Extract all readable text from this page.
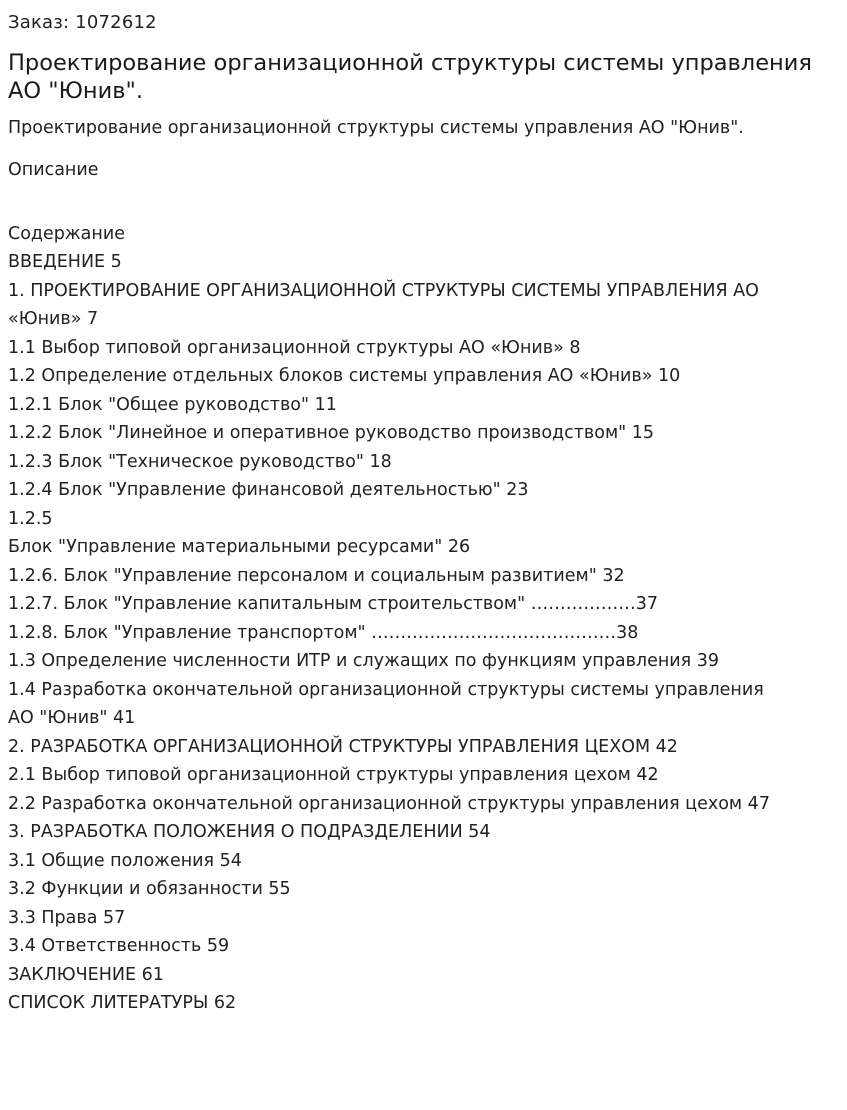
Заказ: 1072612
Проектирование организационной структуры системы управления АО "Юнив".
Проектирование организационной структуры системы управления АО "Юнив".
Описание
Содержание
ВВЕДЕНИЕ 5
1. ПРОЕКТИРОВАНИЕ ОРГАНИЗАЦИОННОЙ СТРУКТУРЫ СИСТЕМЫ УПРАВЛЕНИЯ АО
«Юнив» 7
1.1 Выбор типовой организационной структуры АО «Юнив» 8
1.2 Определение отдельных блоков системы управления АО «Юнив» 10
1.2.1 Блок "Общее руководство" 11
1.2.2 Блок "Линейное и оперативное руководство производством" 15
1.2.3 Блок "Техническое руководство" 18
1.2.4 Блок "Управление финансовой деятельностью" 23
1.2.5
Блок "Управление материальными ресурсами" 26
1.2.6. Блок "Управление персоналом и социальным развитием" 32
1.2.7. Блок "Управление капитальным строительством" ………………37
1.2.8. Блок "Управление транспортом" ……………………………………38
1.3 Определение численности ИТР и служащих по функциям управления 39
1.4 Разработка окончательной организационной структуры системы управления
АО "Юнив" 41
2. РАЗРАБОТКА ОРГАНИЗАЦИОННОЙ СТРУКТУРЫ УПРАВЛЕНИЯ ЦЕХОМ 42
2.1 Выбор типовой организационной структуры управления цехом 42
2.2 Разработка окончательной организационной структуры управления цехом 47
3. РАЗРАБОТКА ПОЛОЖЕНИЯ О ПОДРАЗДЕЛЕНИИ 54
3.1 Общие положения 54
3.2 Функции и обязанности 55
3.3 Права 57
3.4 Ответственность 59
ЗАКЛЮЧЕНИЕ 61
СПИСОК ЛИТЕРАТУРЫ 62
